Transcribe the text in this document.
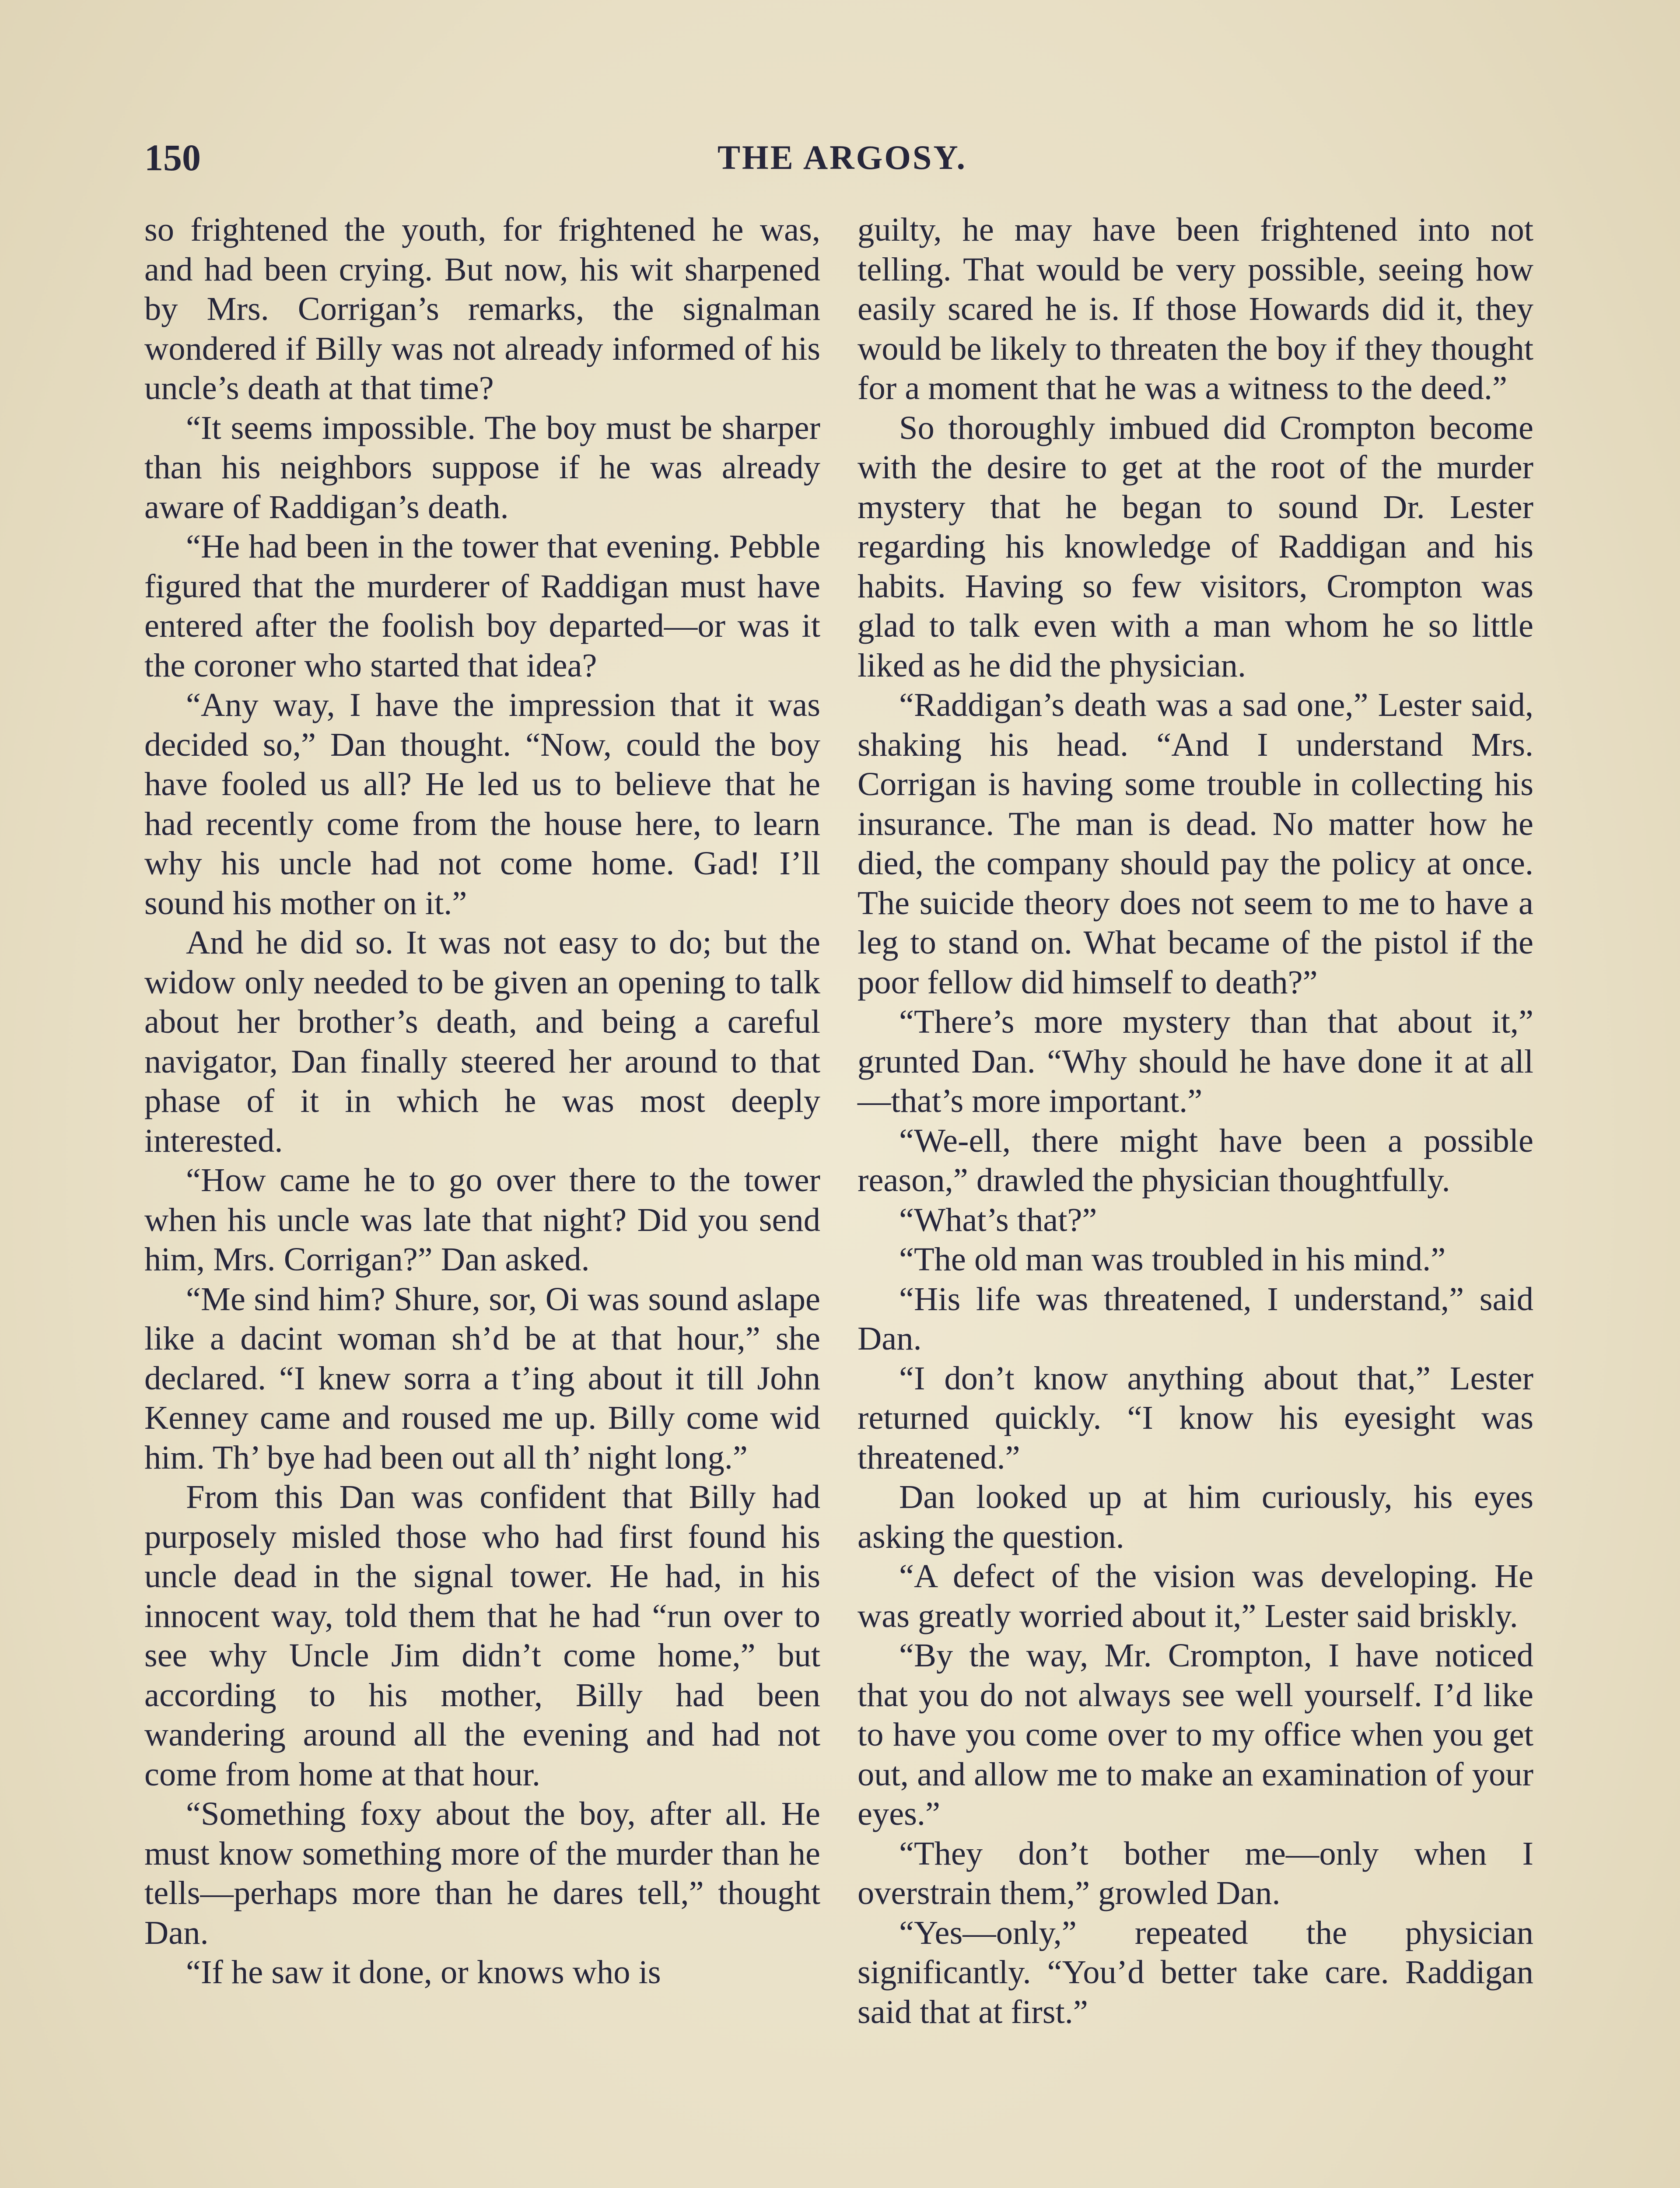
150	THE ARGOSY.

so frightened the youth, for frightened he was, and had been crying. But now, his wit sharpened by Mrs. Corrigan’s remarks, the signalman wondered if Billy was not already informed of his uncle’s death at that time?

“It seems impossible. The boy must be sharper than his neighbors suppose if he was already aware of Raddigan’s death.

“He had been in the tower that evening. Pebble figured that the murderer of Raddigan must have entered after the foolish boy departed—or was it the coroner who started that idea?

“Any way, I have the impression that it was decided so,” Dan thought. “Now, could the boy have fooled us all? He led us to believe that he had recently come from the house here, to learn why his uncle had not come home. Gad! I’ll sound his mother on it.”

And he did so. It was not easy to do; but the widow only needed to be given an opening to talk about her brother’s death, and being a careful navigator, Dan finally steered her around to that phase of it in which he was most deeply interested.

“How came he to go over there to the tower when his uncle was late that night? Did you send him, Mrs. Corrigan?” Dan asked.

“Me sind him? Shure, sor, Oi was sound aslape like a dacint woman sh’d be at that hour,” she declared. “I knew sorra a t’ing about it till John Kenney came and roused me up. Billy come wid him. Th’ bye had been out all th’ night long.”

From this Dan was confident that Billy had purposely misled those who had first found his uncle dead in the signal tower. He had, in his innocent way, told them that he had “run over to see why Uncle Jim didn’t come home,” but according to his mother, Billy had been wandering around all the evening and had not come from home at that hour.

“Something foxy about the boy, after all. He must know something more of the murder than he tells—perhaps more than he dares tell,” thought Dan.

“If he saw it done, or knows who is

guilty, he may have been frightened into not telling. That would be very possible, seeing how easily scared he is. If those Howards did it, they would be likely to threaten the boy if they thought for a moment that he was a witness to the deed.”

So thoroughly imbued did Crompton become with the desire to get at the root of the murder mystery that he began to sound Dr. Lester regarding his knowledge of Raddigan and his habits. Having so few visitors, Crompton was glad to talk even with a man whom he so little liked as he did the physician.

“Raddigan’s death was a sad one,” Lester said, shaking his head. “And I understand Mrs. Corrigan is having some trouble in collecting his insurance. The man is dead. No matter how he died, the company should pay the policy at once. The suicide theory does not seem to me to have a leg to stand on. What became of the pistol if the poor fellow did himself to death?”

“There’s more mystery than that about it,” grunted Dan. “Why should he have done it at all—that’s more important.”

“We-ell, there might have been a possible reason,” drawled the physician thoughtfully.

“What’s that?”

“The old man was troubled in his mind.”

“His life was threatened, I understand,” said Dan.

“I don’t know anything about that,” Lester returned quickly. “I know his eyesight was threatened.”

Dan looked up at him curiously, his eyes asking the question.

“A defect of the vision was developing. He was greatly worried about it,” Lester said briskly.

“By the way, Mr. Crompton, I have noticed that you do not always see well yourself. I’d like to have you come over to my office when you get out, and allow me to make an examination of your eyes.”

“They don’t bother me—only when I overstrain them,” growled Dan.

“Yes—only,” repeated the physician significantly. “You’d better take care. Raddigan said that at first.”
